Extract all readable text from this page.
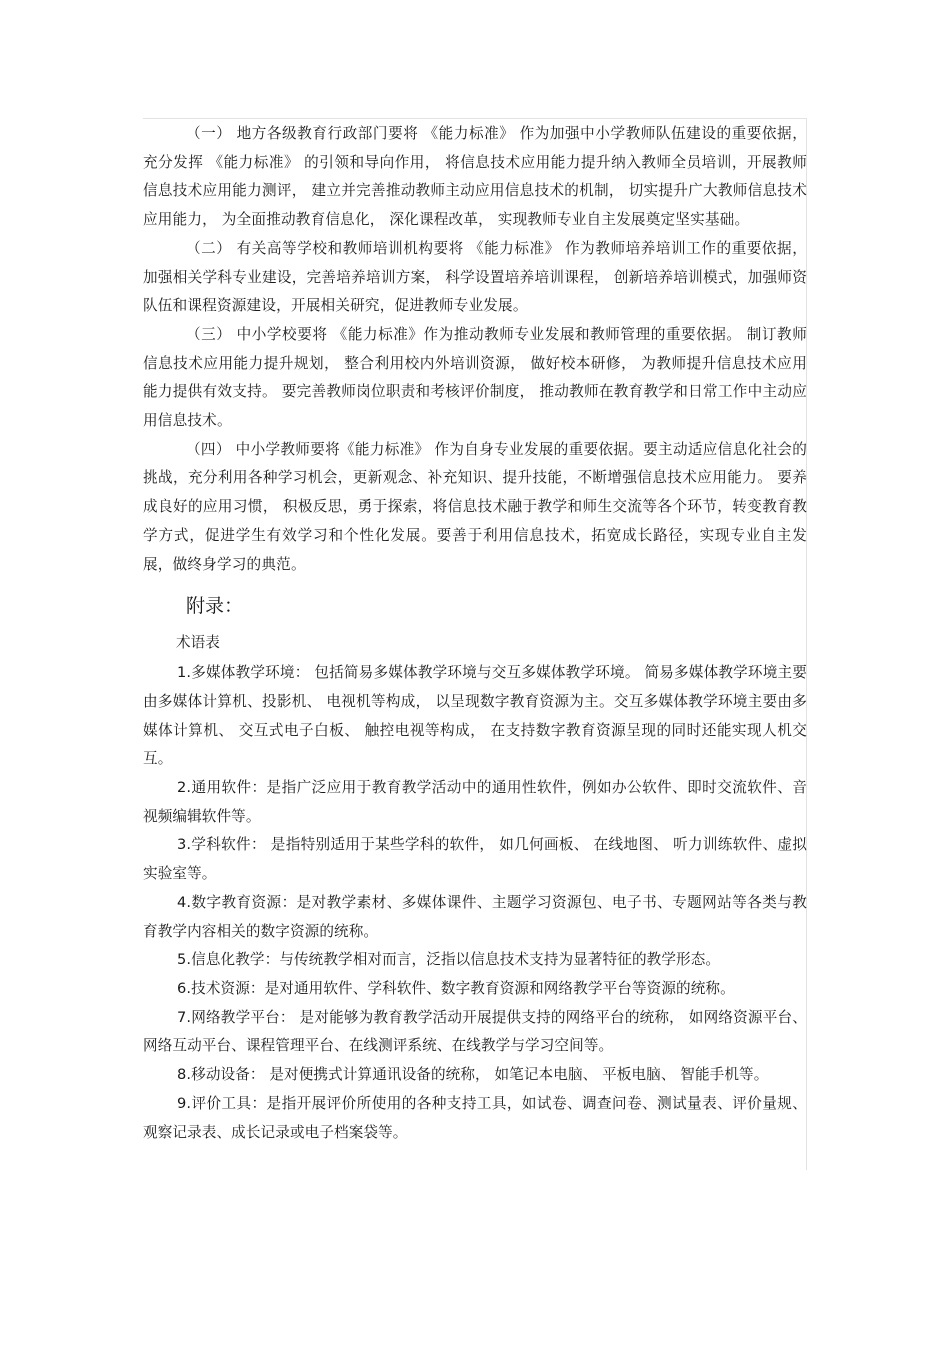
（一） 地方各级教育行政部门要将 《能力标准》 作为加强中小学教师队伍建设的重要依据，充分发挥 《能力标准》 的引领和导向作用， 将信息技术应用能力提升纳入教师全员培训，开展教师信息技术应用能力测评， 建立并完善推动教师主动应用信息技术的机制， 切实提升广大教师信息技术应用能力， 为全面推动教育信息化， 深化课程改革， 实现教师专业自主发展奠定坚实基础。

（二） 有关高等学校和教师培训机构要将 《能力标准》 作为教师培养培训工作的重要依据，加强相关学科专业建设，完善培养培训方案， 科学设置培养培训课程， 创新培养培训模式，加强师资队伍和课程资源建设，开展相关研究，促进教师专业发展。

（三） 中小学校要将 《能力标准》作为推动教师专业发展和教师管理的重要依据。 制订教师信息技术应用能力提升规划， 整合利用校内外培训资源， 做好校本研修， 为教师提升信息技术应用能力提供有效支持。 要完善教师岗位职责和考核评价制度， 推动教师在教育教学和日常工作中主动应用信息技术。

（四） 中小学教师要将《能力标准》 作为自身专业发展的重要依据。要主动适应信息化社会的挑战，充分利用各种学习机会，更新观念、补充知识、提升技能，不断增强信息技术应用能力。 要养成良好的应用习惯， 积极反思，勇于探索，将信息技术融于教学和师生交流等各个环节，转变教育教学方式，促进学生有效学习和个性化发展。要善于利用信息技术，拓宽成长路径，实现专业自主发展，做终身学习的典范。

附录：
术语表

1.多媒体教学环境： 包括简易多媒体教学环境与交互多媒体教学环境。 简易多媒体教学环境主要由多媒体计算机、投影机、 电视机等构成， 以呈现数字教育资源为主。交互多媒体教学环境主要由多媒体计算机、 交互式电子白板、 触控电视等构成， 在支持数字教育资源呈现的同时还能实现人机交互。

2.通用软件：是指广泛应用于教育教学活动中的通用性软件，例如办公软件、即时交流软件、音视频编辑软件等。

3.学科软件： 是指特别适用于某些学科的软件， 如几何画板、 在线地图、 听力训练软件、虚拟实验室等。

4.数字教育资源：是对教学素材、多媒体课件、主题学习资源包、电子书、专题网站等各类与教育教学内容相关的数字资源的统称。

5.信息化教学：与传统教学相对而言，泛指以信息技术支持为显著特征的教学形态。

6.技术资源：是对通用软件、学科软件、数字教育资源和网络教学平台等资源的统称。

7.网络教学平台： 是对能够为教育教学活动开展提供支持的网络平台的统称， 如网络资源平台、网络互动平台、课程管理平台、在线测评系统、在线教学与学习空间等。

8.移动设备： 是对便携式计算通讯设备的统称， 如笔记本电脑、 平板电脑、 智能手机等。

9.评价工具：是指开展评价所使用的各种支持工具，如试卷、调查问卷、测试量表、评价量规、观察记录表、成长记录或电子档案袋等。
